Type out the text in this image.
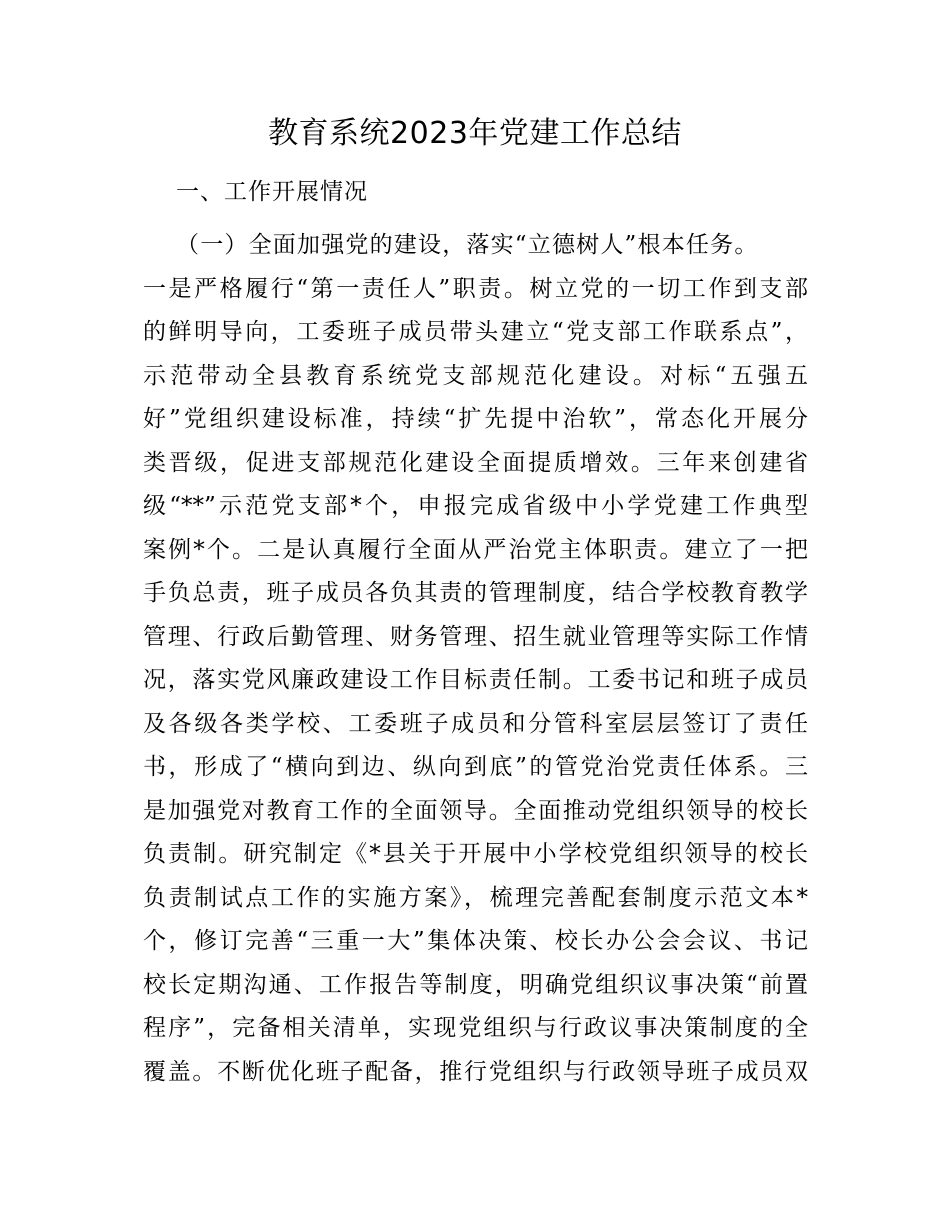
教育系统2023年党建工作总结

一、工作开展情况

（一）全面加强党的建设，落实“立德树人”根本任务。
一是严格履行“第一责任人”职责。树立党的一切工作到支部
的鲜明导向，工委班子成员带头建立“党支部工作联系点”，
示范带动全县教育系统党支部规范化建设。对标“五强五
好”党组织建设标准，持续“扩先提中治软”，常态化开展分
类晋级，促进支部规范化建设全面提质增效。三年来创建省
级“**”示范党支部*个，申报完成省级中小学党建工作典型
案例*个。二是认真履行全面从严治党主体职责。建立了一把
手负总责，班子成员各负其责的管理制度，结合学校教育教学
管理、行政后勤管理、财务管理、招生就业管理等实际工作情
况，落实党风廉政建设工作目标责任制。工委书记和班子成员
及各级各类学校、工委班子成员和分管科室层层签订了责任
书，形成了“横向到边、纵向到底”的管党治党责任体系。三
是加强党对教育工作的全面领导。全面推动党组织领导的校长
负责制。研究制定《*县关于开展中小学校党组织领导的校长
负责制试点工作的实施方案》，梳理完善配套制度示范文本*
个，修订完善“三重一大”集体决策、校长办公会会议、书记
校长定期沟通、工作报告等制度，明确党组织议事决策“前置
程序”，完备相关清单，实现党组织与行政议事决策制度的全
覆盖。不断优化班子配备，推行党组织与行政领导班子成员双
